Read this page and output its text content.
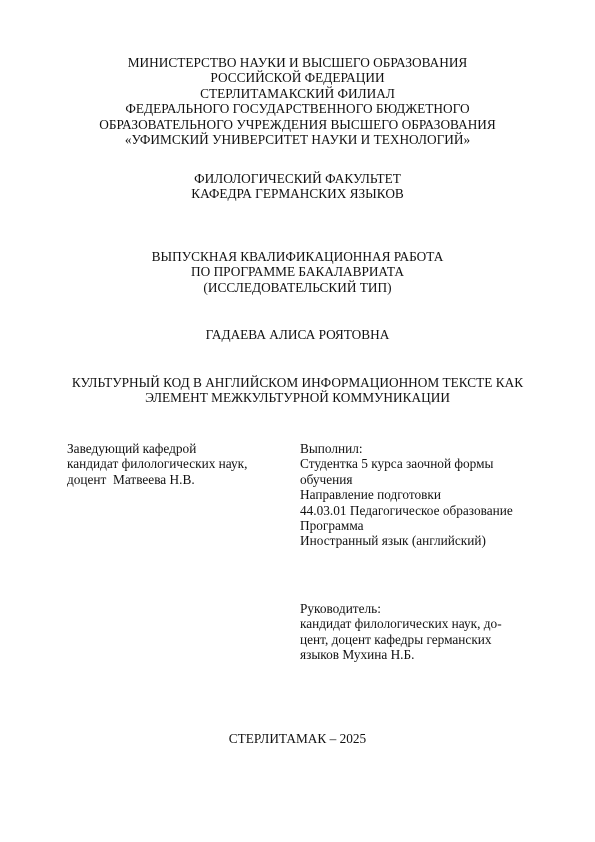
МИНИСТЕРСТВО НАУКИ И ВЫСШЕГО ОБРАЗОВАНИЯ
РОССИЙСКОЙ ФЕДЕРАЦИИ
СТЕРЛИТАМАКСКИЙ ФИЛИАЛ
ФЕДЕРАЛЬНОГО ГОСУДАРСТВЕННОГО БЮДЖЕТНОГО
ОБРАЗОВАТЕЛЬНОГО УЧРЕЖДЕНИЯ ВЫСШЕГО ОБРАЗОВАНИЯ
«УФИМСКИЙ УНИВЕРСИТЕТ НАУКИ И ТЕХНОЛОГИЙ»
ФИЛОЛОГИЧЕСКИЙ ФАКУЛЬТЕТ
КАФЕДРА ГЕРМАНСКИХ ЯЗЫКОВ
ВЫПУСКНАЯ КВАЛИФИКАЦИОННАЯ РАБОТА
ПО ПРОГРАММЕ БАКАЛАВРИАТА
(ИССЛЕДОВАТЕЛЬСКИЙ ТИП)
ГАДАЕВА АЛИСА РОЯТОВНА
КУЛЬТУРНЫЙ КОД В АНГЛИЙСКОМ ИНФОРМАЦИОННОМ ТЕКСТЕ КАК
ЭЛЕМЕНТ МЕЖКУЛЬТУРНОЙ КОММУНИКАЦИИ
Заведующий кафедрой
кандидат филологических наук,
доцент  Матвеева Н.В.
Выполнил:
Студентка 5 курса заочной формы
обучения
Направление подготовки
44.03.01 Педагогическое образование
Программа
Иностранный язык (английский)
Руководитель:
кандидат филологических наук, до-
цент, доцент кафедры германских
языков Мухина Н.Б.
СТЕРЛИТАМАК – 2025
